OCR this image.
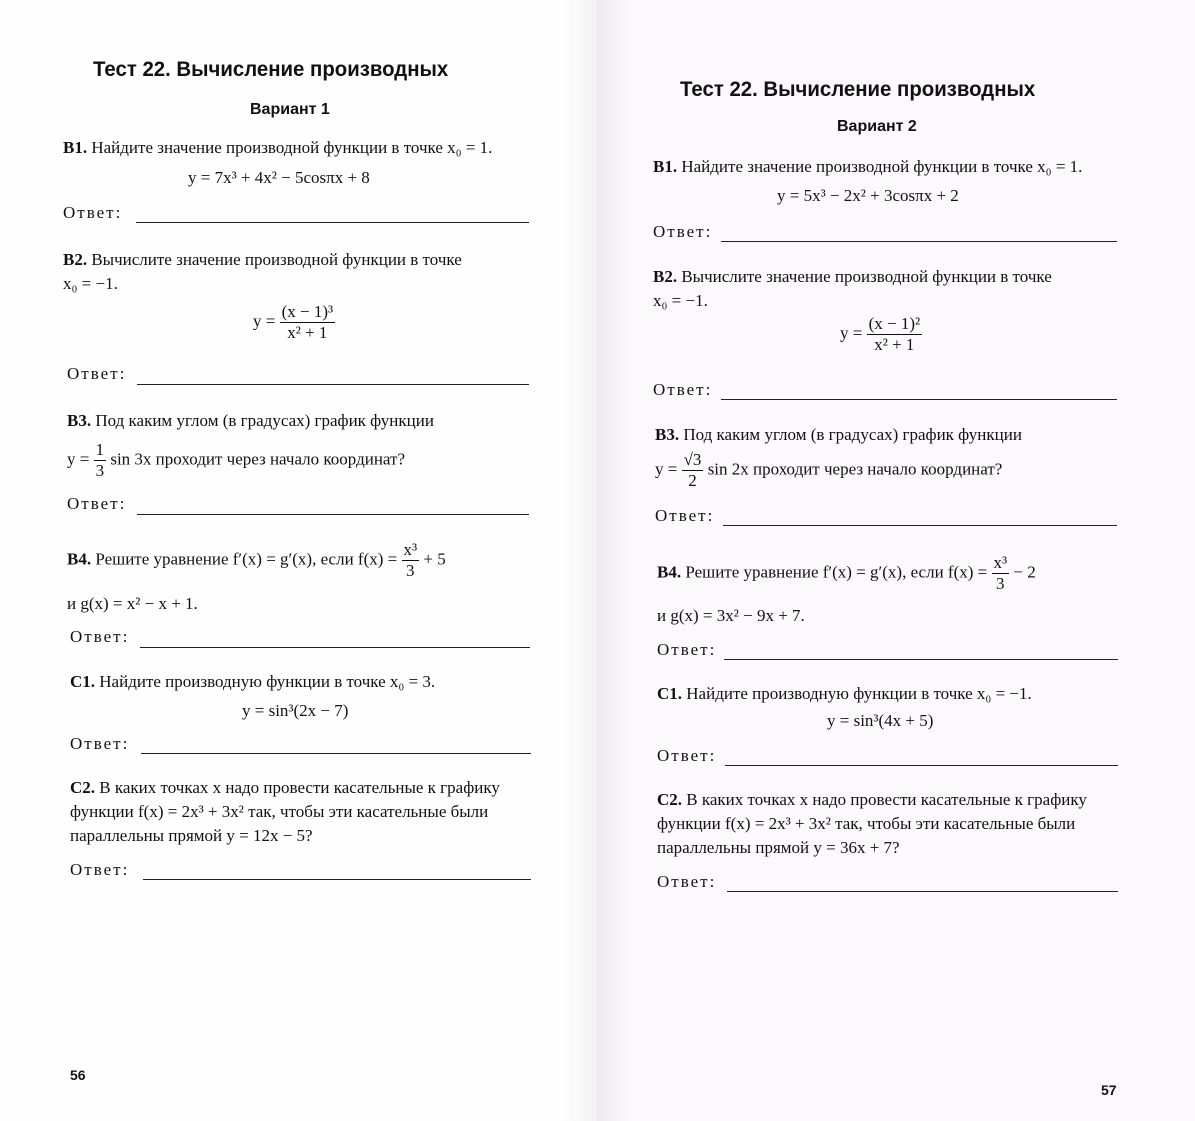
Тест 22. Вычисление производных
Вариант 1
В1. Найдите значение производной функции в точке x₀ = 1.
y = 7x³ + 4x² − 5cosπx + 8
Ответ:
В2. Вычислите значение производной функции в точке
x₀ = −1.
$y = \frac{\text{(x − 1)³}}{\text{x² + 1}}$
Ответ:
В3. Под каким углом (в градусах) график функции
$y = \frac{1}{3}$ sin 3x проходит через начало координат?
Ответ:
В4. Решите уравнение f′(x) = g′(x), если $f(x) = \frac{\text{x³}}{3} + 5$
и g(x) = x² − x + 1.
Ответ:
С1. Найдите производную функции в точке x₀ = 3.
y = sin³(2x − 7)
Ответ:
С2. В каких точках x надо провести касательные к графику
функции f(x) = 2x³ + 3x² так, чтобы эти касательные были
параллельны прямой y = 12x − 5?
Ответ:
56
Тест 22. Вычисление производных
Вариант 2
В1. Найдите значение производной функции в точке x₀ = 1.
y = 5x³ − 2x² + 3cosπx + 2
Ответ:
В2. Вычислите значение производной функции в точке
x₀ = −1.
$y = \frac{\text{(x − 1)²}}{\text{x² + 1}}$
Ответ:
В3. Под каким углом (в градусах) график функции
$y = \frac{√3}{2}$ sin 2x проходит через начало координат?
Ответ:
В4. Решите уравнение f′(x) = g′(x), если $f(x) = \frac{\text{x³}}{3} - 2$
и g(x) = 3x² − 9x + 7.
Ответ:
С1. Найдите производную функции в точке x₀ = −1.
y = sin³(4x + 5)
Ответ:
С2. В каких точках x надо провести касательные к графику
функции f(x) = 2x³ + 3x² так, чтобы эти касательные были
параллельны прямой y = 36x + 7?
Ответ:
57
